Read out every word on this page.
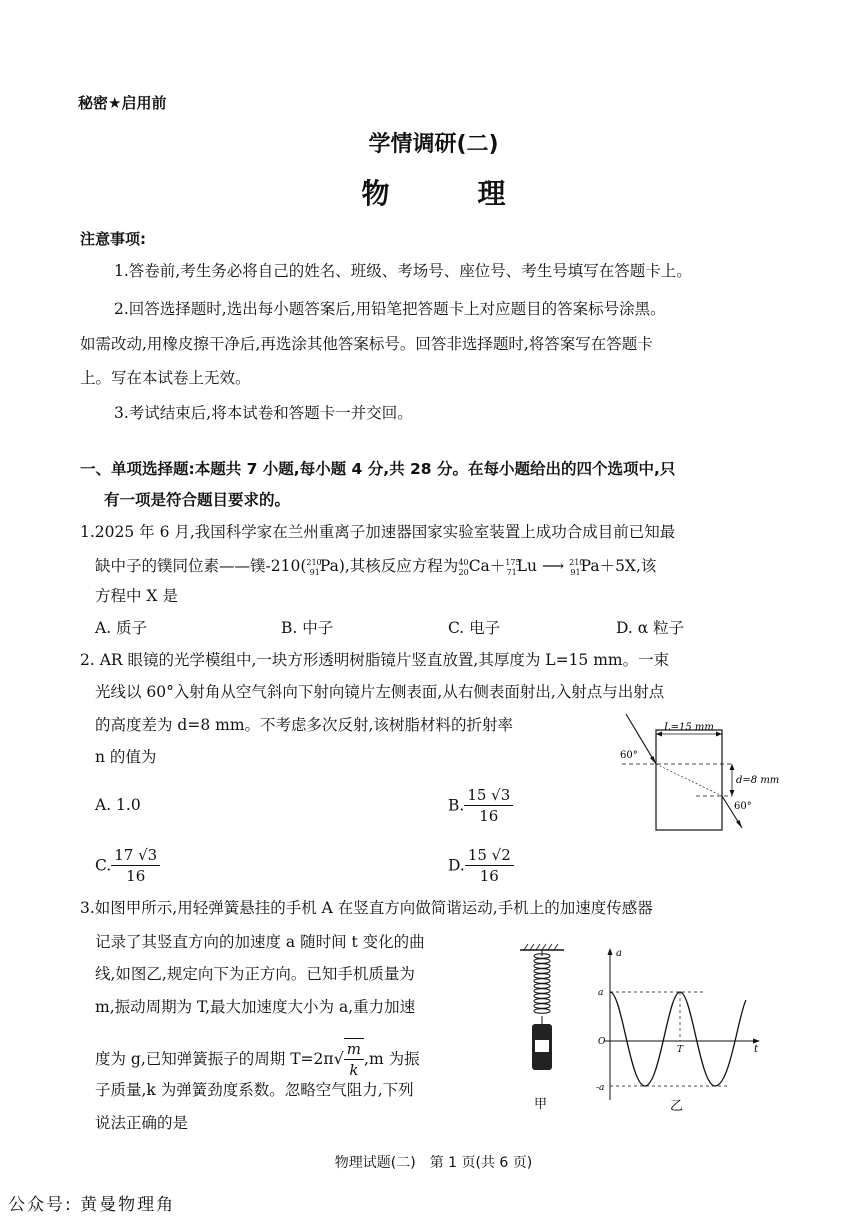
秘密★启用前
学情调研(二)
物　理
注意事项:
1.答卷前,考生务必将自己的姓名、班级、考场号、座位号、考生号填写在答题卡上。
2.回答选择题时,选出每小题答案后,用铅笔把答题卡上对应题目的答案标号涂黑。
如需改动,用橡皮擦干净后,再选涂其他答案标号。回答非选择题时,将答案写在答题卡
上。写在本试卷上无效。
3.考试结束后,将本试卷和答题卡一并交回。
一、单项选择题:本题共 7 小题,每小题 4 分,共 28 分。在每小题给出的四个选项中,只
有一项是符合题目要求的。
1.2025 年 6 月,我国科学家在兰州重离子加速器国家实验室装置上成功合成目前已知最
缺中子的镤同位素——镤-210($^{210}_{91}$Pa),其核反应方程为$^{40}_{20}$Ca＋$^{175}_{71}$Lu ⟶ $^{210}_{91}$Pa＋5X,该
方程中 X 是
A. 质子	B. 中子	C. 电子	D. α 粒子
2. AR 眼镜的光学模组中,一块方形透明树脂镜片竖直放置,其厚度为 L=15 mm。一束
光线以 60°入射角从空气斜向下射向镜片左侧表面,从右侧表面射出,入射点与出射点
的高度差为 d=8 mm。不考虑多次反射,该树脂材料的折射率
n 的值为
A. 1.0	B. $\frac{15 √3}{16}$
C. $\frac{17 √3}{16}$	D. $\frac{15 √2}{16}$
L=15 mm
d=8 mm
60°
60°
3.如图甲所示,用轻弹簧悬挂的手机 A 在竖直方向做简谐运动,手机上的加速度传感器
记录了其竖直方向的加速度 a 随时间 t 变化的曲
线,如图乙,规定向下为正方向。已知手机质量为
m,振动周期为 T,最大加速度大小为 a,重力加速
度为 g,已知弹簧振子的周期 $T=2\pi√ \frac{m}{k} ,m$ 为振
子质量,k 为弹簧劲度系数。忽略空气阻力,下列
说法正确的是
甲
a
t
a
-a
O
T
乙
物理试题(二)　第 1 页(共 6 页)
公众号: 黄曼物理角
